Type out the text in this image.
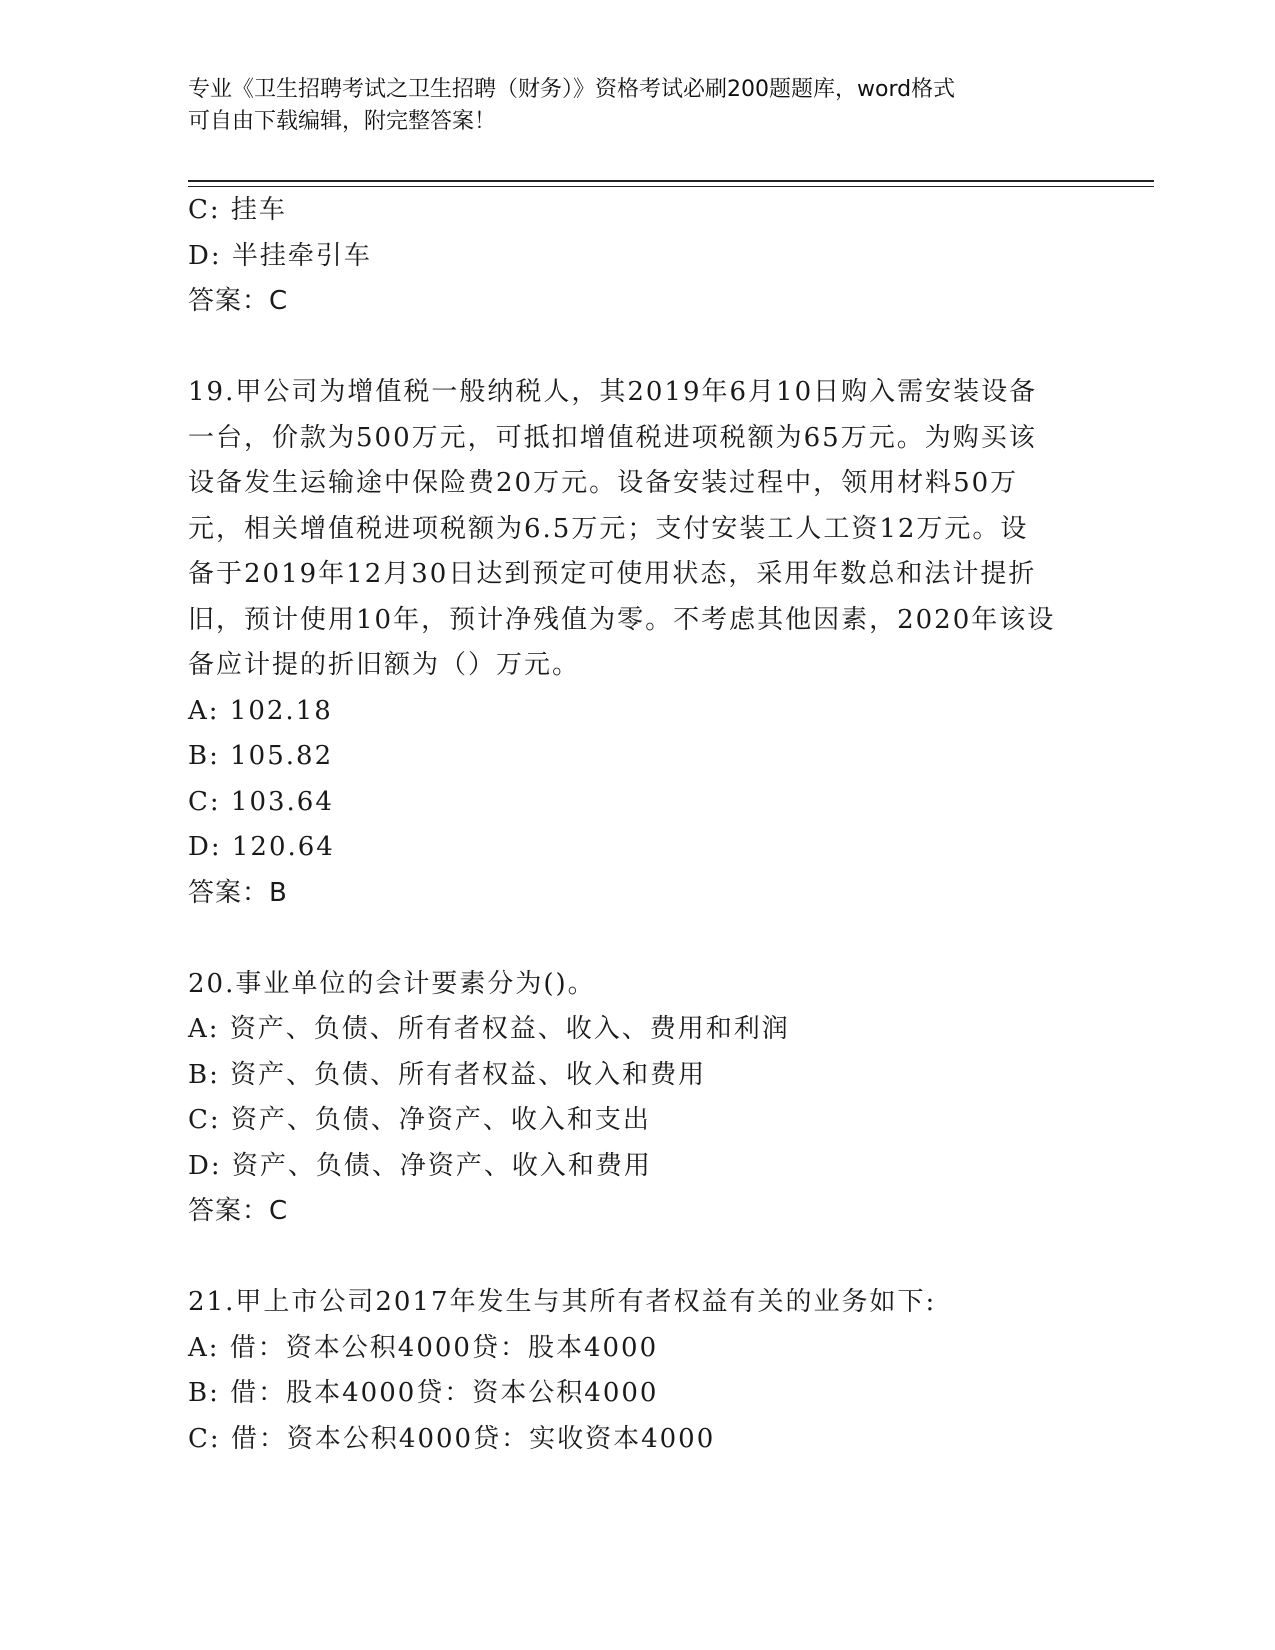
专业《卫生招聘考试之卫生招聘（财务）》资格考试必刷200题题库，word格式
可自由下载编辑，附完整答案！
C: 挂车
D: 半挂牵引车
答案：C
19.甲公司为增值税一般纳税人，其2019年6月10日购入需安装设备
一台，价款为500万元，可抵扣增值税进项税额为65万元。为购买该
设备发生运输途中保险费20万元。设备安装过程中，领用材料50万
元，相关增值税进项税额为6.5万元；支付安装工人工资12万元。设
备于2019年12月30日达到预定可使用状态，采用年数总和法计提折
旧，预计使用10年，预计净残值为零。不考虑其他因素，2020年该设
备应计提的折旧额为（）万元。
A: 102.18
B: 105.82
C: 103.64
D: 120.64
答案：B
20.事业单位的会计要素分为()。
A: 资产、负债、所有者权益、收入、费用和利润
B: 资产、负债、所有者权益、收入和费用
C: 资产、负债、净资产、收入和支出
D: 资产、负债、净资产、收入和费用
答案：C
21.甲上市公司2017年发生与其所有者权益有关的业务如下:
A: 借：资本公积4000贷：股本4000
B: 借：股本4000贷：资本公积4000
C: 借：资本公积4000贷：实收资本4000
